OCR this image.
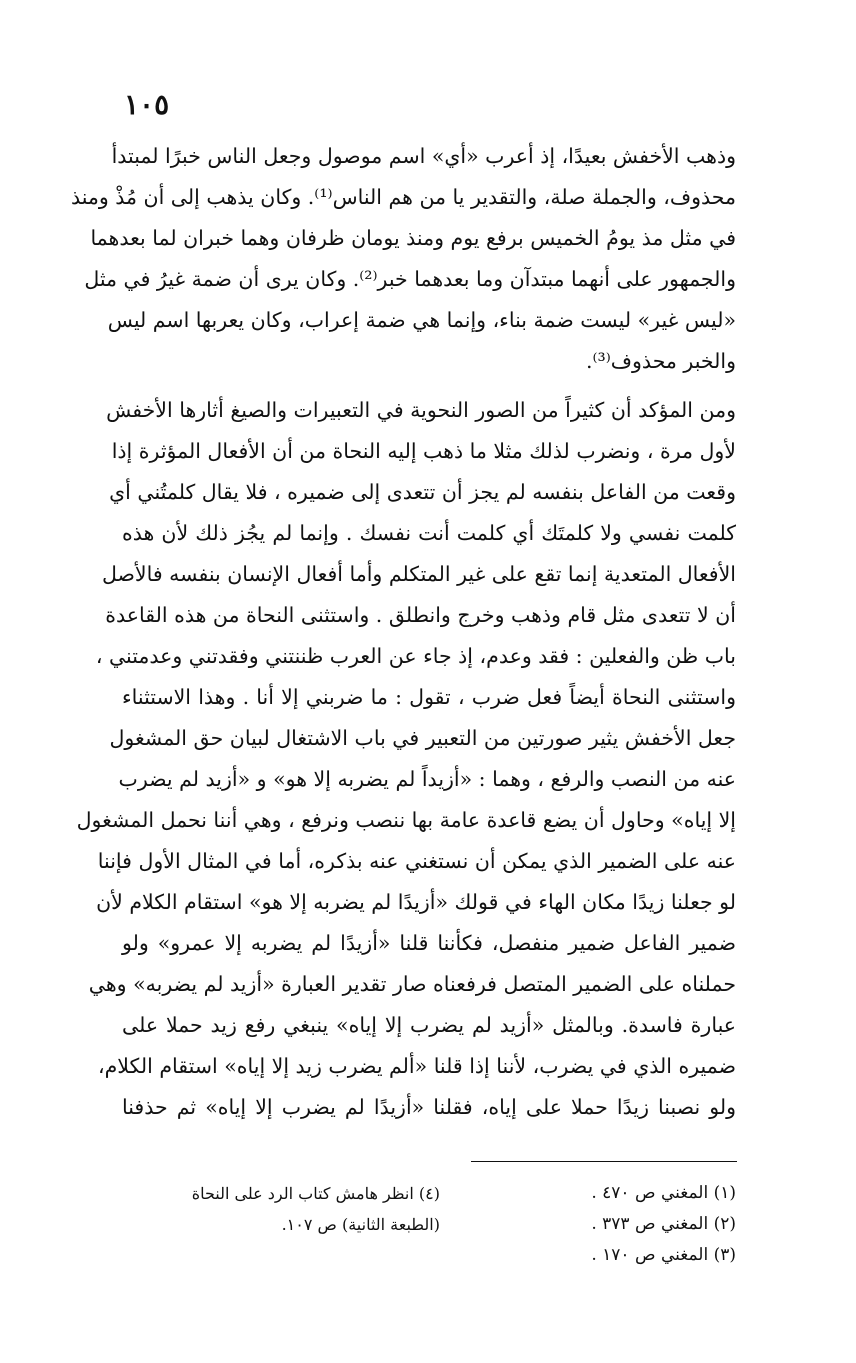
١٠٥
وذهب الأخفش بعيدًا، إذ أعرب «أي» اسم موصول وجعل الناس خبرًا لمبتدأ
محذوف، والجملة صلة، والتقدير يا من هم الناس⁽¹⁾. وكان يذهب إلى أن مُذْ ومنذ
في مثل مذ يومُ الخميس برفع يوم ومنذ يومان ظرفان وهما خبران لما بعدهما
والجمهور على أنهما مبتدآن وما بعدهما خبر⁽²⁾. وكان يرى أن ضمة غيرُ في مثل
«ليس غير» ليست ضمة بناء، وإنما هي ضمة إعراب، وكان يعربها اسم ليس
والخبر محذوف⁽³⁾.
ومن المؤكد أن كثيراً من الصور النحوية في التعبيرات والصيغ أثارها الأخفش
لأول مرة ، ونضرب لذلك مثلا ما ذهب إليه النحاة من أن الأفعال المؤثرة إذا
وقعت من الفاعل بنفسه لم يجز أن تتعدى إلى ضميره ، فلا يقال كلمتُني أي
كلمت نفسي ولا كلمتَك أي كلمت أنت نفسك . وإنما لم يجُز ذلك لأن هذه
الأفعال المتعدية إنما تقع على غير المتكلم وأما أفعال الإنسان بنفسه فالأصل
أن لا تتعدى مثل قام وذهب وخرج وانطلق . واستثنى النحاة من هذه القاعدة
باب ظن والفعلين : فقد وعدم، إذ جاء عن العرب ظننتني وفقدتني وعدمتني ،
واستثنى النحاة أيضاً فعل ضرب ، تقول : ما ضربني إلا أنا . وهذا الاستثناء
جعل الأخفش يثير صورتين من التعبير في باب الاشتغال لبيان حق المشغول
عنه من النصب والرفع ، وهما : «أزيداً لم يضربه إلا هو» و «أزيد لم يضرب
إلا إياه» وحاول أن يضع قاعدة عامة بها ننصب ونرفع ، وهي أننا نحمل المشغول
عنه على الضمير الذي يمكن أن نستغني عنه بذكره، أما في المثال الأول فإننا
لو جعلنا زيدًا مكان الهاء في قولك «أزيدًا لم يضربه إلا هو» استقام الكلام لأن
ضمير الفاعل ضمير منفصل، فكأننا قلنا «أزيدًا لم يضربه إلا عمرو» ولو
حملناه على الضمير المتصل فرفعناه صار تقدير العبارة «أزيد لم يضربه» وهي
عبارة فاسدة. وبالمثل «أزيد لم يضرب إلا إياه» ينبغي رفع زيد حملا على
ضميره الذي في يضرب، لأننا إذا قلنا «ألم يضرب زيد إلا إياه» استقام الكلام،
ولو نصبنا زيدًا حملا على إياه، فقلنا «أزيدًا لم يضرب إلا إياه» ثم حذفنا
(١) المغني ص ٤٧٠ .
(٢) المغني ص ٣٧٣ .
(٣) المغني ص ١٧٠ .
(٤) انظر هامش كتاب الرد على النحاة
(الطبعة الثانية) ص ١٠٧.
